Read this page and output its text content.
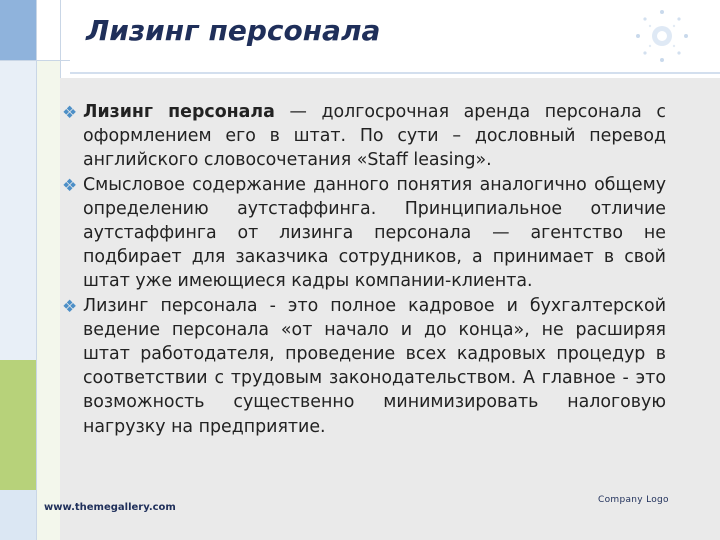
Лизинг персонала
❖ Лизинг персонала — долгосрочная аренда персонала с оформлением его в штат. По сути – дословный перевод английского словосочетания «Staff leasing».
❖ Смысловое содержание данного понятия аналогично общему определению аутстаффинга. Принципиальное отличие аутстаффинга от лизинга персонала — агентство не подбирает для заказчика сотрудников, а принимает в свой штат уже имеющиеся кадры компании-клиента.
❖ Лизинг персонала - это полное кадровое и бухгалтерской ведение персонала «от начало и до конца», не расширяя штат работодателя, проведение всех кадровых процедур в соответствии с трудовым законодательством. А главное - это возможность существенно минимизировать налоговую нагрузку на предприятие.
www.themegallery.com
Company Logo
